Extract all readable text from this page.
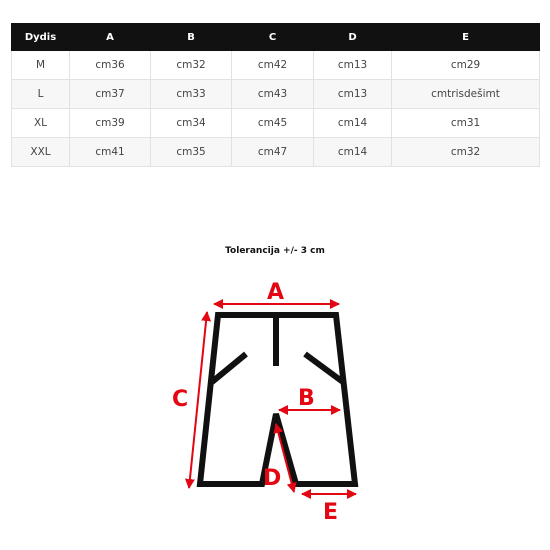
Dydis	A	B	C	D	E
M	cm36	cm32	cm42	cm13	cm29
L	cm37	cm33	cm43	cm13	cmtrisdešimt
XL	cm39	cm34	cm45	cm14	cm31
XXL	cm41	cm35	cm47	cm14	cm32
Tolerancija +/- 3 cm
A
B
C
D
E
